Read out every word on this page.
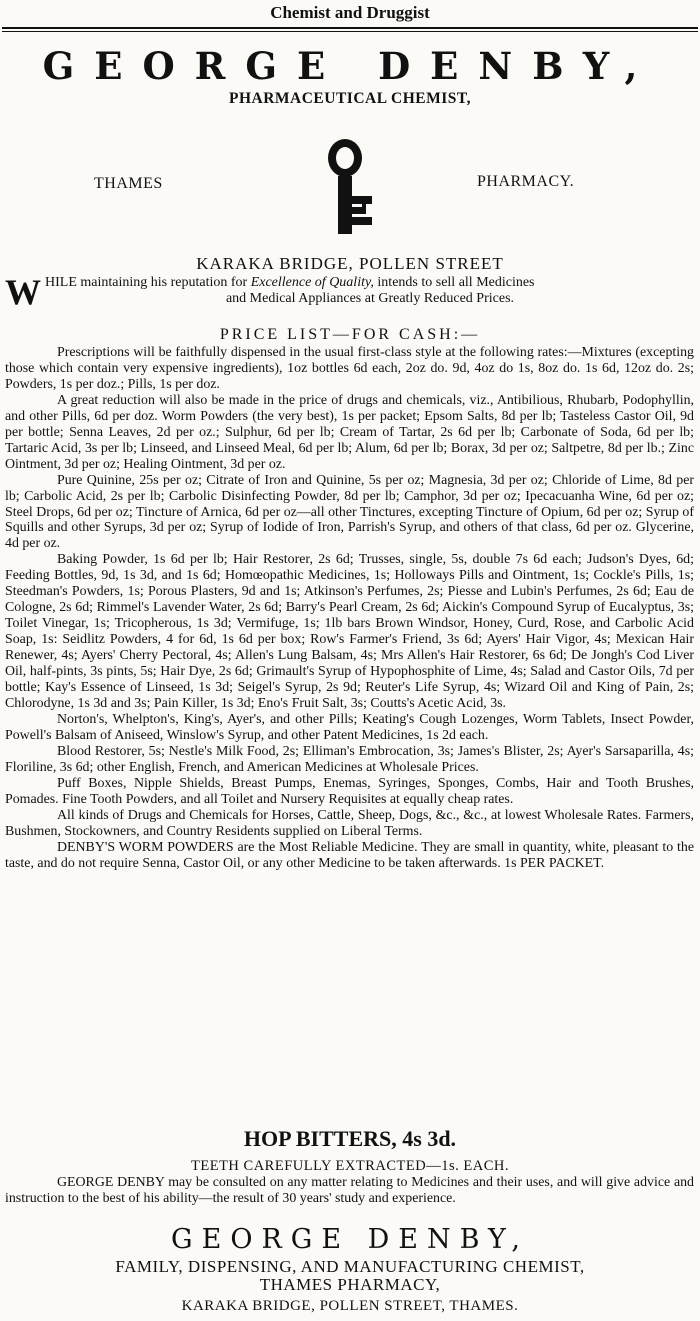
Chemist and Druggist
GEORGE DENBY,
PHARMACEUTICAL CHEMIST,
THAMES	PHARMACY.
KARAKA BRIDGE, POLLEN STREET
W HILE maintaining his reputation for Excellence of Quality, intends to sell all Medicines
and Medical Appliances at Greatly Reduced Prices.
PRICE LIST—FOR CASH:—

Prescriptions will be faithfully dispensed in the usual first-class style at the following rates:—Mixtures (excepting those which contain very expensive ingredients), 1oz bottles 6d each, 2oz do. 9d, 4oz do 1s, 8oz do. 1s 6d, 12oz do. 2s; Powders, 1s per doz.; Pills, 1s per doz.

A great reduction will also be made in the price of drugs and chemicals, viz., Antibilious, Rhubarb, Podophyllin, and other Pills, 6d per doz. Worm Powders (the very best), 1s per packet; Epsom Salts, 8d per lb; Tasteless Castor Oil, 9d per bottle; Senna Leaves, 2d per oz.; Sulphur, 6d per lb; Cream of Tartar, 2s 6d per lb; Carbonate of Soda, 6d per lb; Tartaric Acid, 3s per lb; Linseed, and Linseed Meal, 6d per lb; Alum, 6d per lb; Borax, 3d per oz; Saltpetre, 8d per lb.; Zinc Ointment, 3d per oz; Healing Ointment, 3d per oz.

Pure Quinine, 25s per oz; Citrate of Iron and Quinine, 5s per oz; Magnesia, 3d per oz; Chloride of Lime, 8d per lb; Carbolic Acid, 2s per lb; Carbolic Disinfecting Powder, 8d per lb; Camphor, 3d per oz; Ipecacuanha Wine, 6d per oz; Steel Drops, 6d per oz; Tincture of Arnica, 6d per oz—all other Tinctures, excepting Tincture of Opium, 6d per oz; Syrup of Squills and other Syrups, 3d per oz; Syrup of Iodide of Iron, Parrish's Syrup, and others of that class, 6d per oz. Glycerine, 4d per oz.

Baking Powder, 1s 6d per lb; Hair Restorer, 2s 6d; Trusses, single, 5s, double 7s 6d each; Judson's Dyes, 6d; Feeding Bottles, 9d, 1s 3d, and 1s 6d; Homœopathic Medicines, 1s; Holloways Pills and Ointment, 1s; Cockle's Pills, 1s; Steedman's Powders, 1s; Porous Plasters, 9d and 1s; Atkinson's Perfumes, 2s; Piesse and Lubin's Perfumes, 2s 6d; Eau de Cologne, 2s 6d; Rimmel's Lavender Water, 2s 6d; Barry's Pearl Cream, 2s 6d; Aickin's Compound Syrup of Eucalyptus, 3s; Toilet Vinegar, 1s; Tricopherous, 1s 3d; Vermifuge, 1s; 1lb bars Brown Windsor, Honey, Curd, Rose, and Carbolic Acid Soap, 1s: Seidlitz Powders, 4 for 6d, 1s 6d per box; Row's Farmer's Friend, 3s 6d; Ayers' Hair Vigor, 4s; Mexican Hair Renewer, 4s; Ayers' Cherry Pectoral, 4s; Allen's Lung Balsam, 4s; Mrs Allen's Hair Restorer, 6s 6d; De Jongh's Cod Liver Oil, half-pints, 3s pints, 5s; Hair Dye, 2s 6d; Grimault's Syrup of Hypophosphite of Lime, 4s; Salad and Castor Oils, 7d per bottle; Kay's Essence of Linseed, 1s 3d; Seigel's Syrup, 2s 9d; Reuter's Life Syrup, 4s; Wizard Oil and King of Pain, 2s; Chlorodyne, 1s 3d and 3s; Pain Killer, 1s 3d; Eno's Fruit Salt, 3s; Coutts's Acetic Acid, 3s.

Norton's, Whelpton's, King's, Ayer's, and other Pills; Keating's Cough Lozenges, Worm Tablets, Insect Powder, Powell's Balsam of Aniseed, Winslow's Syrup, and other Patent Medicines, 1s 2d each.

Blood Restorer, 5s; Nestle's Milk Food, 2s; Elliman's Embrocation, 3s; James's Blister, 2s; Ayer's Sarsaparilla, 4s; Floriline, 3s 6d; other English, French, and American Medicines at Wholesale Prices.

Puff Boxes, Nipple Shields, Breast Pumps, Enemas, Syringes, Sponges, Combs, Hair and Tooth Brushes, Pomades. Fine Tooth Powders, and all Toilet and Nursery Requisites at equally cheap rates.

All kinds of Drugs and Chemicals for Horses, Cattle, Sheep, Dogs, &c., &c., at lowest Wholesale Rates. Farmers, Bushmen, Stockowners, and Country Residents supplied on Liberal Terms.

DENBY'S WORM POWDERS are the Most Reliable Medicine. They are small in quantity, white, pleasant to the taste, and do not require Senna, Castor Oil, or any other Medicine to be taken afterwards. 1s PER PACKET.

HOP BITTERS, 4s 3d.
TEETH CAREFULLY EXTRACTED—1s. EACH.

GEORGE DENBY may be consulted on any matter relating to Medicines and their uses, and will give advice and instruction to the best of his ability—the result of 30 years' study and experience.

GEORGE DENBY,
FAMILY, DISPENSING, AND MANUFACTURING CHEMIST,
THAMES PHARMACY,
KARAKA BRIDGE, POLLEN STREET, THAMES.
